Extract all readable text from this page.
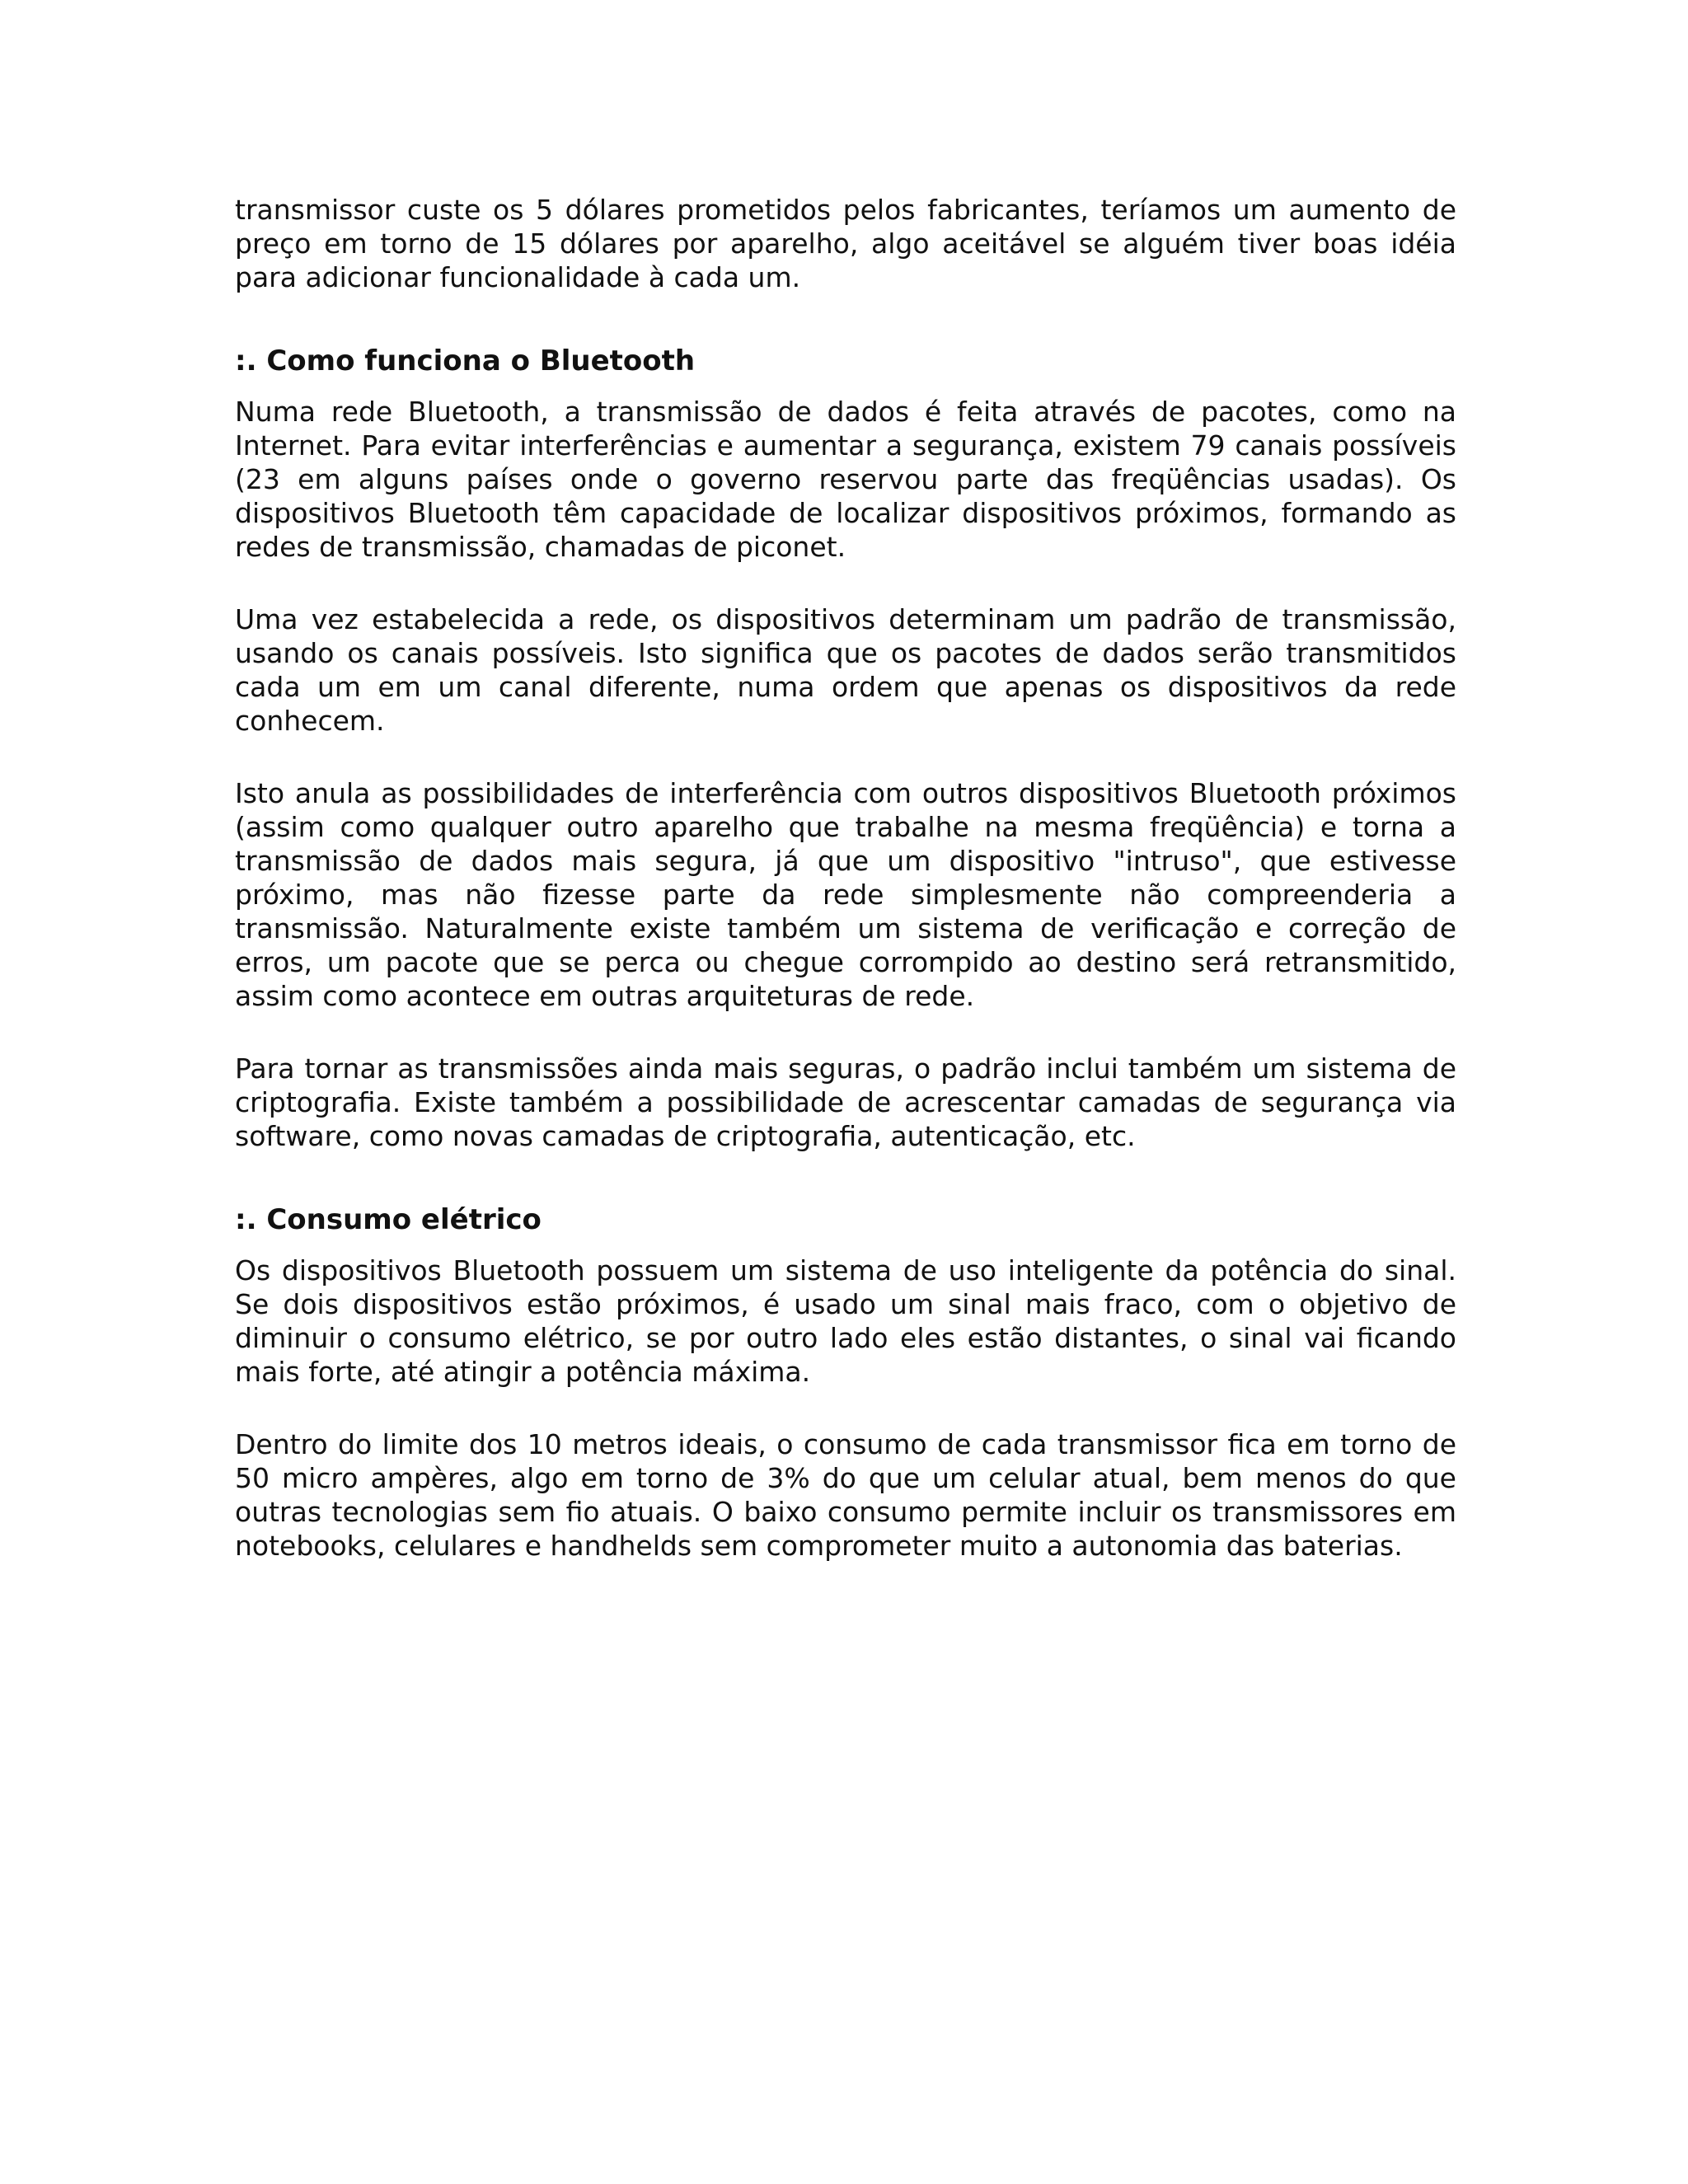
transmissor custe os 5 dólares prometidos pelos fabricantes, teríamos um aumento de preço em torno de 15 dólares por aparelho, algo aceitável se alguém tiver boas idéia para adicionar funcionalidade à cada um.

:. Como funciona o Bluetooth

Numa rede Bluetooth, a transmissão de dados é feita através de pacotes, como na Internet. Para evitar interferências e aumentar a segurança, existem 79 canais possíveis (23 em alguns países onde o governo reservou parte das freqüências usadas). Os dispositivos Bluetooth têm capacidade de localizar dispositivos próximos, formando as redes de transmissão, chamadas de piconet.

Uma vez estabelecida a rede, os dispositivos determinam um padrão de transmissão, usando os canais possíveis. Isto significa que os pacotes de dados serão transmitidos cada um em um canal diferente, numa ordem que apenas os dispositivos da rede conhecem.

Isto anula as possibilidades de interferência com outros dispositivos Bluetooth próximos (assim como qualquer outro aparelho que trabalhe na mesma freqüência) e torna a transmissão de dados mais segura, já que um dispositivo "intruso", que estivesse próximo, mas não fizesse parte da rede simplesmente não compreenderia a transmissão. Naturalmente existe também um sistema de verificação e correção de erros, um pacote que se perca ou chegue corrompido ao destino será retransmitido, assim como acontece em outras arquiteturas de rede.

Para tornar as transmissões ainda mais seguras, o padrão inclui também um sistema de criptografia. Existe também a possibilidade de acrescentar camadas de segurança via software, como novas camadas de criptografia, autenticação, etc.

:. Consumo elétrico

Os dispositivos Bluetooth possuem um sistema de uso inteligente da potência do sinal. Se dois dispositivos estão próximos, é usado um sinal mais fraco, com o objetivo de diminuir o consumo elétrico, se por outro lado eles estão distantes, o sinal vai ficando mais forte, até atingir a potência máxima.

Dentro do limite dos 10 metros ideais, o consumo de cada transmissor fica em torno de 50 micro ampères, algo em torno de 3% do que um celular atual, bem menos do que outras tecnologias sem fio atuais. O baixo consumo permite incluir os transmissores em notebooks, celulares e handhelds sem comprometer muito a autonomia das baterias.
